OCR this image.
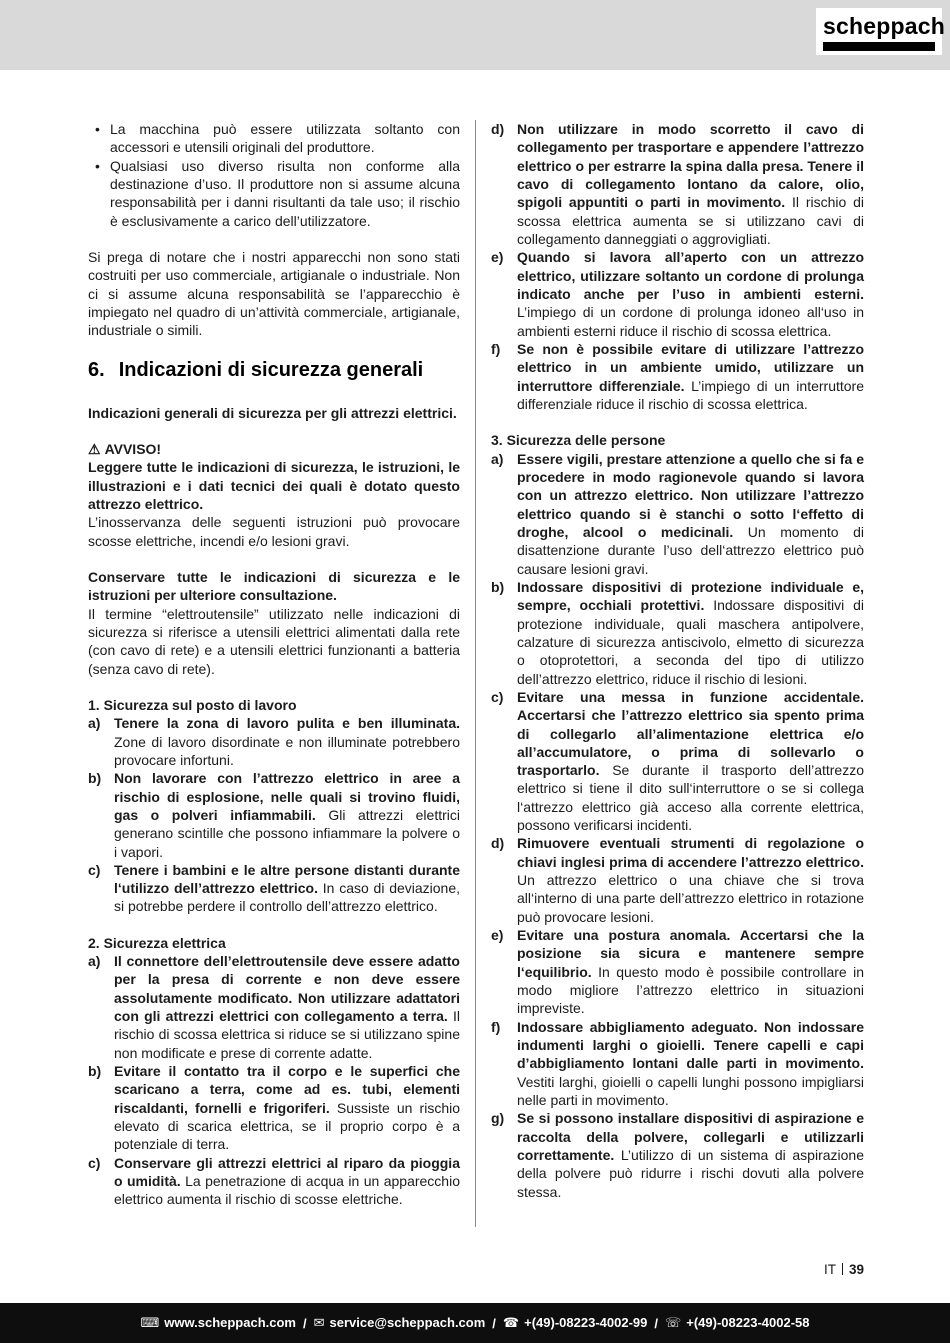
scheppach
• La macchina può essere utilizzata soltanto con accessori e utensili originali del produttore.
• Qualsiasi uso diverso risulta non conforme alla destinazione d’uso. Il produttore non si assume alcuna responsabilità per i danni risultanti da tale uso; il rischio è esclusivamente a carico dell’utilizzatore.

Si prega di notare che i nostri apparecchi non sono stati costruiti per uso commerciale, artigianale o industriale. Non ci si assume alcuna responsabilità se l’apparecchio è impiegato nel quadro di un’attività commerciale, artigianale, industriale o simili.

6. Indicazioni di sicurezza generali

Indicazioni generali di sicurezza per gli attrezzi elettrici.

⚠ AVVISO!

Leggere tutte le indicazioni di sicurezza, le istruzioni, le illustrazioni e i dati tecnici dei quali è dotato questo attrezzo elettrico.

L’inosservanza delle seguenti istruzioni può provocare scosse elettriche, incendi e/o lesioni gravi.

Conservare tutte le indicazioni di sicurezza e le istruzioni per ulteriore consultazione.

Il termine “elettroutensile” utilizzato nelle indicazioni di sicurezza si riferisce a utensili elettrici alimentati dalla rete (con cavo di rete) e a utensili elettrici funzionanti a batteria (senza cavo di rete).

1. Sicurezza sul posto di lavoro

a) Tenere la zona di lavoro pulita e ben illuminata. Zone di lavoro disordinate e non illuminate potrebbero provocare infortuni.

b) Non lavorare con l’attrezzo elettrico in aree a rischio di esplosione, nelle quali si trovino fluidi, gas o polveri infiammabili. Gli attrezzi elettrici generano scintille che possono infiammare la polvere o i vapori.

c) Tenere i bambini e le altre persone distanti durante l‘utilizzo dell’attrezzo elettrico. In caso di deviazione, si potrebbe perdere il controllo dell’attrezzo elettrico.

2. Sicurezza elettrica

a) Il connettore dell’elettroutensile deve essere adatto per la presa di corrente e non deve essere assolutamente modificato. Non utilizzare adattatori con gli attrezzi elettrici con collegamento a terra. Il rischio di scossa elettrica si riduce se si utilizzano spine non modificate e prese di corrente adatte.

b) Evitare il contatto tra il corpo e le superfici che scaricano a terra, come ad es. tubi, elementi riscaldanti, fornelli e frigoriferi. Sussiste un rischio elevato di scarica elettrica, se il proprio corpo è a potenziale di terra.

c) Conservare gli attrezzi elettrici al riparo da pioggia o umidità. La penetrazione di acqua in un apparecchio elettrico aumenta il rischio di scosse elettriche.

d) Non utilizzare in modo scorretto il cavo di collegamento per trasportare e appendere l’attrezzo elettrico o per estrarre la spina dalla presa. Tenere il cavo di collegamento lontano da calore, olio, spigoli appuntiti o parti in movimento. Il rischio di scossa elettrica aumenta se si utilizzano cavi di collegamento danneggiati o aggrovigliati.

e) Quando si lavora all’aperto con un attrezzo elettrico, utilizzare soltanto un cordone di prolunga indicato anche per l’uso in ambienti esterni. L’impiego di un cordone di prolunga idoneo all‘uso in ambienti esterni riduce il rischio di scossa elettrica.

f)	Se non è possibile evitare di utilizzare l’attrezzo elettrico in un ambiente umido, utilizzare un interruttore differenziale. L’impiego di un interruttore differenziale riduce il rischio di scossa elettrica.

3. Sicurezza delle persone

a) Essere vigili, prestare attenzione a quello che si fa e procedere in modo ragionevole quando si lavora con un attrezzo elettrico. Non utilizzare l’attrezzo elettrico quando si è stanchi o sotto l‘effetto di droghe, alcool o medicinali. Un momento di disattenzione durante l’uso dell‘attrezzo elettrico può causare lesioni gravi.

b) Indossare dispositivi di protezione individuale e, sempre, occhiali protettivi. Indossare dispositivi di protezione individuale, quali maschera antipolvere, calzature di sicurezza antiscivolo, elmetto di sicurezza o otoprotettori, a seconda del tipo di utilizzo dell’attrezzo elettrico, riduce il rischio di lesioni.

c) Evitare una messa in funzione accidentale. Accertarsi che l’attrezzo elettrico sia spento prima di collegarlo all’alimentazione elettrica e/o all’accumulatore, o prima di sollevarlo o trasportarlo. Se durante il trasporto dell’attrezzo elettrico si tiene il dito sull‘interruttore o se si collega l‘attrezzo elettrico già acceso alla corrente elettrica, possono verificarsi incidenti.

d) Rimuovere eventuali strumenti di regolazione o chiavi inglesi prima di accendere l’attrezzo elettrico. Un attrezzo elettrico o una chiave che si trova all‘interno di una parte dell’attrezzo elettrico in rotazione può provocare lesioni.

e) Evitare una postura anomala. Accertarsi che la posizione sia sicura e mantenere sempre l‘equilibrio. In questo modo è possibile controllare in modo migliore l’attrezzo elettrico in situazioni impreviste.

f)	Indossare abbigliamento adeguato. Non indossare indumenti larghi o gioielli. Tenere capelli e capi d’abbigliamento lontani dalle parti in movimento. Vestiti larghi, gioielli o capelli lunghi possono impigliarsi nelle parti in movimento.

g) Se si possono installare dispositivi di aspirazione e raccolta della polvere, collegarli e utilizzarli correttamente. L’utilizzo di un sistema di aspirazione della polvere può ridurre i rischi dovuti alla polvere stessa.

IT 39
⌨ www.scheppach.com / ✉ service@scheppach.com / ☎ +(49)-08223-4002-99 / ☏ +(49)-08223-4002-58
